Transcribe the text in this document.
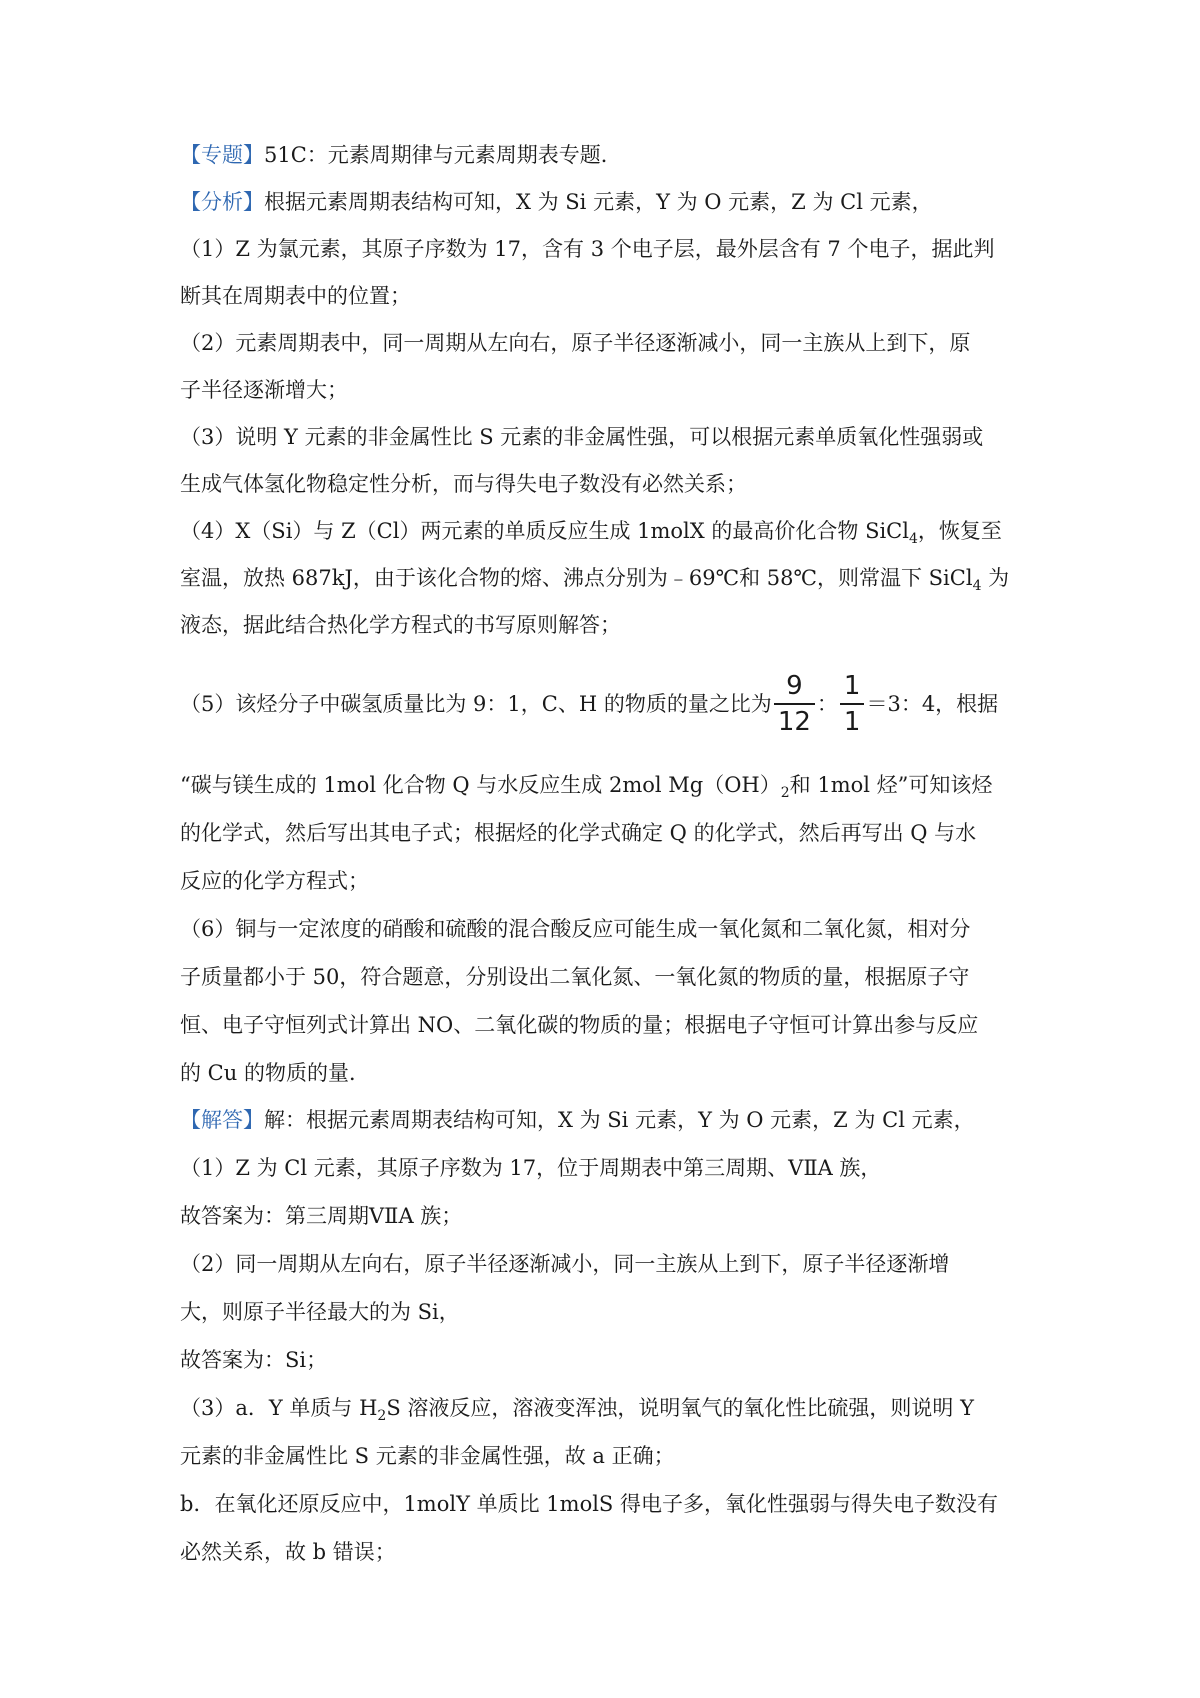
【专题】51C：元素周期律与元素周期表专题．
【分析】根据元素周期表结构可知，X 为 Si 元素，Y 为 O 元素，Z 为 Cl 元素，
（1）Z 为氯元素，其原子序数为 17，含有 3 个电子层，最外层含有 7 个电子，据此判
断其在周期表中的位置；
（2）元素周期表中，同一周期从左向右，原子半径逐渐减小，同一主族从上到下，原
子半径逐渐增大；
（3）说明 Y 元素的非金属性比 S 元素的非金属性强，可以根据元素单质氧化性强弱或
生成气体氢化物稳定性分析，而与得失电子数没有必然关系；
（4）X（Si）与 Z（Cl）两元素的单质反应生成 1molX 的最高价化合物 SiCl$_4$，恢复至
室温，放热 687kJ，由于该化合物的熔、沸点分别为﹣69℃和 58℃，则常温下 SiCl$_4$ 为
液态，据此结合热化学方程式的书写原则解答；
（5）该烃分子中碳氢质量比为 9：1，C、H 的物质的量之比为 $\frac{9}{12}$ ： $\frac{1}{1} =3$：4，根据
“碳与镁生成的 1mol 化合物 Q 与水反应生成 2mol $Mg(OH)_2$和 1mol 烃”可知该烃
的化学式，然后写出其电子式；根据烃的化学式确定 Q 的化学式，然后再写出 Q 与水
反应的化学方程式；
（6）铜与一定浓度的硝酸和硫酸的混合酸反应可能生成一氧化氮和二氧化氮，相对分
子质量都小于 50，符合题意，分别设出二氧化氮、一氧化氮的物质的量，根据原子守
恒、电子守恒列式计算出 NO、二氧化碳的物质的量；根据电子守恒可计算出参与反应
的 Cu 的物质的量．
【解答】解：根据元素周期表结构可知，X 为 Si 元素，Y 为 O 元素，Z 为 Cl 元素，
（1）Z 为 Cl 元素，其原子序数为 17，位于周期表中第三周期、ⅤⅡA 族，
故答案为：第三周期ⅤⅡA 族；
（2）同一周期从左向右，原子半径逐渐减小，同一主族从上到下，原子半径逐渐增
大，则原子半径最大的为 Si，
故答案为：Si；
（3）a．Y 单质与 $H_2S$ 溶液反应，溶液变浑浊，说明氧气的氧化性比硫强，则说明 Y
元素的非金属性比 S 元素的非金属性强，故 a 正确；
b．在氧化还原反应中，1molY 单质比 1molS 得电子多，氧化性强弱与得失电子数没有
必然关系，故 b 错误；
